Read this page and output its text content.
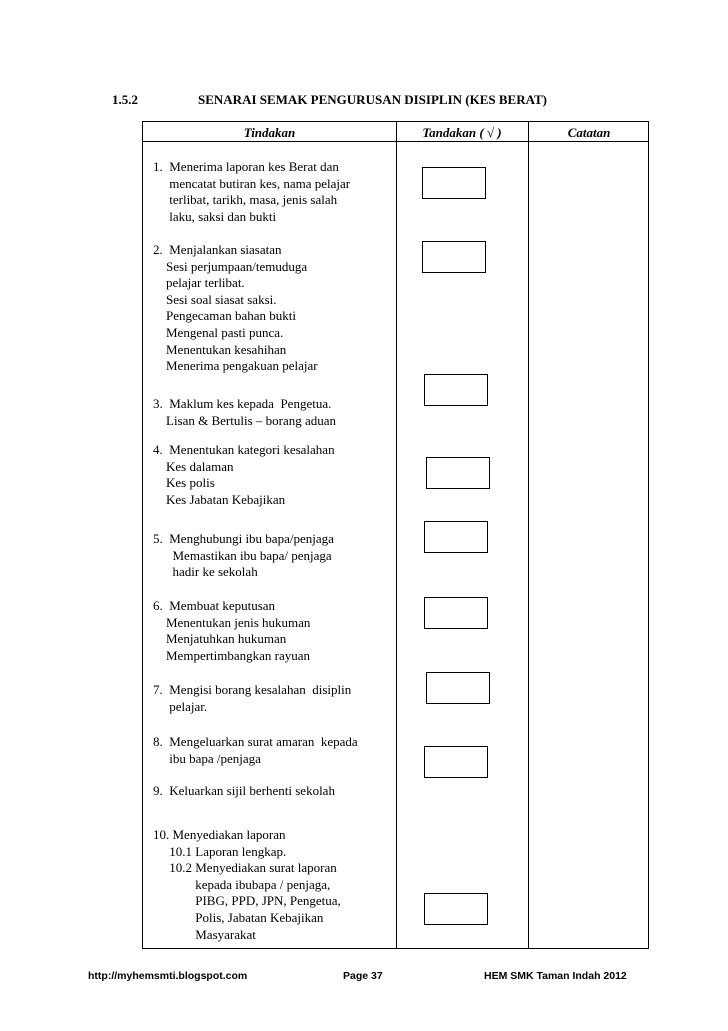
1.5.2	SENARAI SEMAK PENGURUSAN DISIPLIN (KES BERAT)
Tindakan	Tandakan ( √ )	Catatan
1.  Menerima laporan kes Berat dan
mencatat butiran kes, nama pelajar
terlibat, tarikh, masa, jenis salah
laku, saksi dan bukti
2.  Menjalankan siasatan
Sesi perjumpaan/temuduga
pelajar terlibat.
Sesi soal siasat saksi.
Pengecaman bahan bukti
Mengenal pasti punca.
Menentukan kesahihan
Menerima pengakuan pelajar
3.  Maklum kes kepada  Pengetua.
Lisan & Bertulis – borang aduan
4.  Menentukan kategori kesalahan
Kes dalaman
Kes polis
Kes Jabatan Kebajikan
5.  Menghubungi ibu bapa/penjaga
Memastikan ibu bapa/ penjaga
hadir ke sekolah
6.  Membuat keputusan
Menentukan jenis hukuman
Menjatuhkan hukuman
Mempertimbangkan rayuan
7.  Mengisi borang kesalahan  disiplin
pelajar.
8.  Mengeluarkan surat amaran  kepada
ibu bapa /penjaga
9.  Keluarkan sijil berhenti sekolah
10. Menyediakan laporan
10.1 Laporan lengkap.
10.2 Menyediakan surat laporan
kepada ibubapa / penjaga,
PIBG, PPD, JPN, Pengetua,
Polis, Jabatan Kebajikan
Masyarakat
http://myhemsmti.blogspot.com	Page 37	HEM SMK Taman Indah 2012
